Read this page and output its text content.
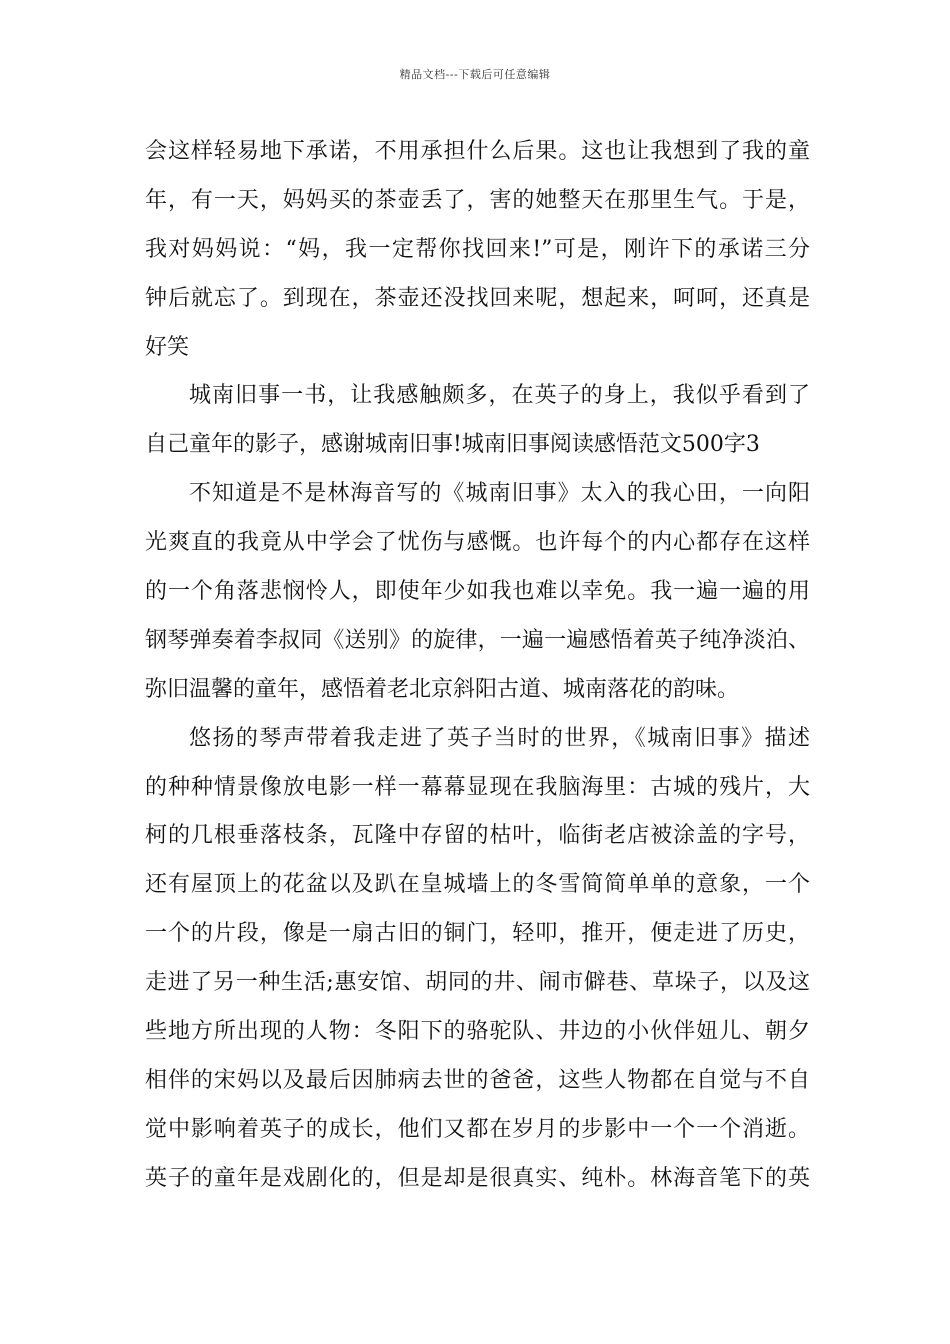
精品文档---下载后可任意编辑
会这样轻易地下承诺，不用承担什么后果。这也让我想到了我的童
年，有一天，妈妈买的茶壶丢了，害的她整天在那里生气。于是，
我对妈妈说：“妈，我一定帮你找回来!”可是，刚许下的承诺三分
钟后就忘了。到现在，茶壶还没找回来呢，想起来，呵呵，还真是
好笑
城南旧事一书，让我感触颇多，在英子的身上，我似乎看到了
自己童年的影子，感谢城南旧事!城南旧事阅读感悟范文500字3
不知道是不是林海音写的《城南旧事》太入的我心田，一向阳
光爽直的我竟从中学会了忧伤与感慨。也许每个的内心都存在这样
的一个角落悲悯怜人，即使年少如我也难以幸免。我一遍一遍的用
钢琴弹奏着李叔同《送别》的旋律，一遍一遍感悟着英子纯净淡泊、
弥旧温馨的童年，感悟着老北京斜阳古道、城南落花的韵味。
悠扬的琴声带着我走进了英子当时的世界，《城南旧事》描述
的种种情景像放电影一样一幕幕显现在我脑海里：古城的残片，大
柯的几根垂落枝条，瓦隆中存留的枯叶，临街老店被涂盖的字号，
还有屋顶上的花盆以及趴在皇城墙上的冬雪简简单单的意象，一个
一个的片段，像是一扇古旧的铜门，轻叩，推开，便走进了历史，
走进了另一种生活;惠安馆、胡同的井、闹市僻巷、草垛子，以及这
些地方所出现的人物：冬阳下的骆驼队、井边的小伙伴妞儿、朝夕
相伴的宋妈以及最后因肺病去世的爸爸，这些人物都在自觉与不自
觉中影响着英子的成长，他们又都在岁月的步影中一个一个消逝。
英子的童年是戏剧化的，但是却是很真实、纯朴。林海音笔下的英
